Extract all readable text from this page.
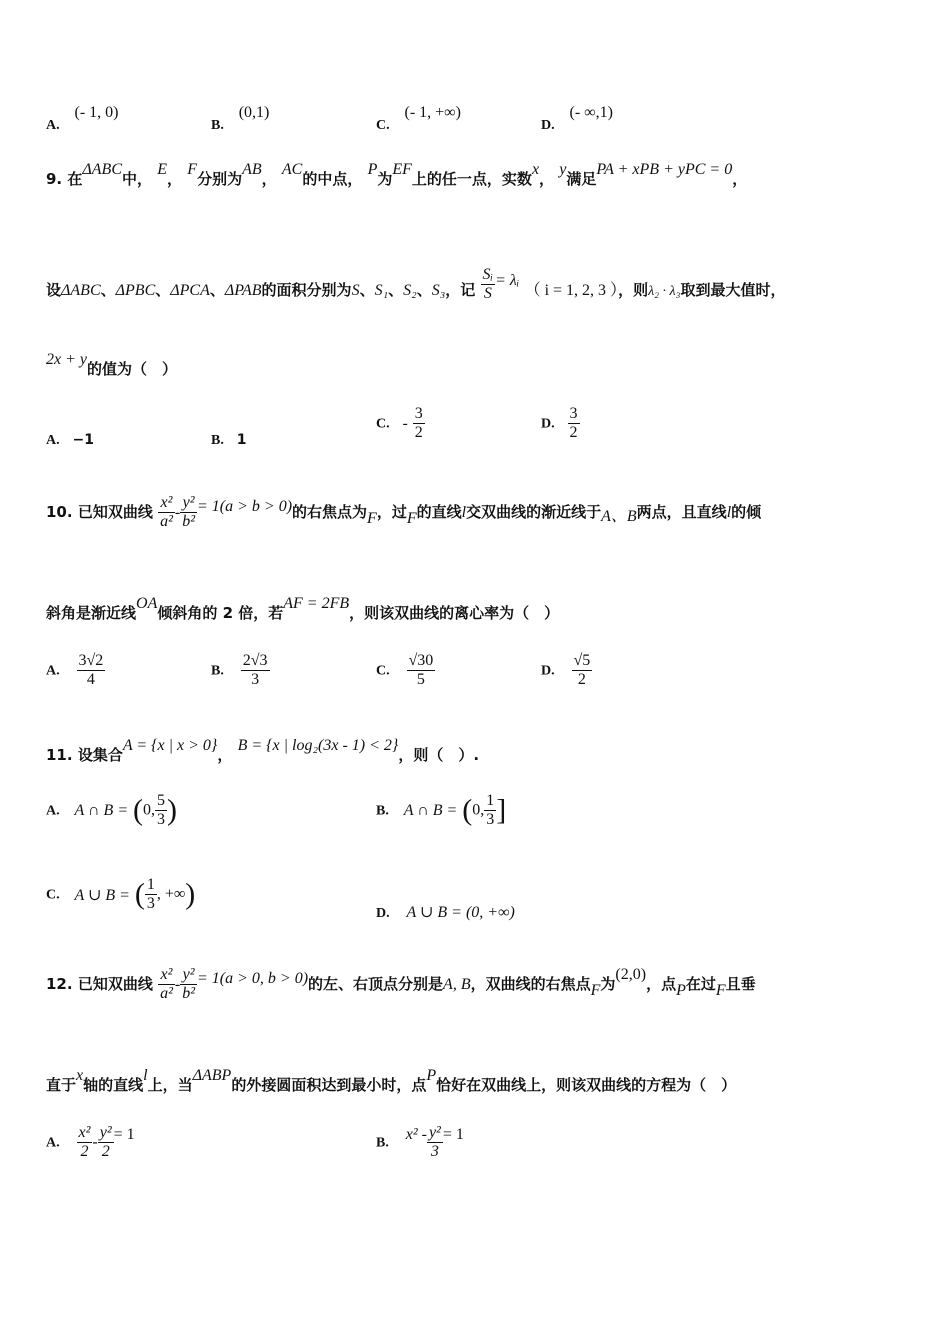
A. (- 1, 0)
B. (0,1)
C. (- 1, +∞)
D. (- ∞,1)
9. 在ΔABC中， E， F分别为AB， AC的中点， P为EF上的任一点，实数x， y满足PA + xPB + yPC = 0，
设ΔABC、ΔPBC、ΔPCA、ΔPAB的面积分别为S、S₁、S₂、S₃，记 $\frac{\text{Sᵢ}}{S}$ = λᵢ （ i = 1, 2, 3 ），则λ₂ · λ₃取到最大值时，
2x + y的值为（　）
A. −1	B. 1
C. - $\frac{3}{2}$	D. $\frac{3}{2}$
10. 已知双曲线 $\frac{\text{x²}}{\text{a²}} - \frac{\text{y²}}{\text{b²}} = 1(a > b > 0)$的右焦点为F，过F的直线l交双曲线的渐近线于A、B两点，且直线l的倾
斜角是渐近线OA倾斜角的 2 倍，若AF = 2FB，则该双曲线的离心率为（　）
A. $\frac{3√2}{4}$	B. $\frac{2√3}{3}$	C. $\frac{√30}{5}$	D. $\frac{√5}{2}$
11. 设集合A = {x | x > 0}， B = {x | log₂(3x - 1) < 2}，则（　）.
A. A ∩ B = (0, $\frac{5}{3}$ )	B. A ∩ B = (0, $\frac{1}{3}$ ]
C. A ∪ B = ( $\frac{1}{3}$ , +∞)
D. A ∪ B = (0, +∞)
12. 已知双曲线 $\frac{\text{x²}}{\text{a²}} - \frac{\text{y²}}{\text{b²}} = 1(a > 0$, b > 0)的左、右顶点分别是A, B，双曲线的右焦点F为(2,0)，点P在过F且垂
直于x轴的直线l上，当ΔABP的外接圆面积达到最小时，点P恰好在双曲线上，则该双曲线的方程为（　）
A. $\frac{\text{x²}}{2} - \frac{\text{y²}}{2} = 1$
B. $x^2 - \frac{\text{y²}}{3} = 1$
